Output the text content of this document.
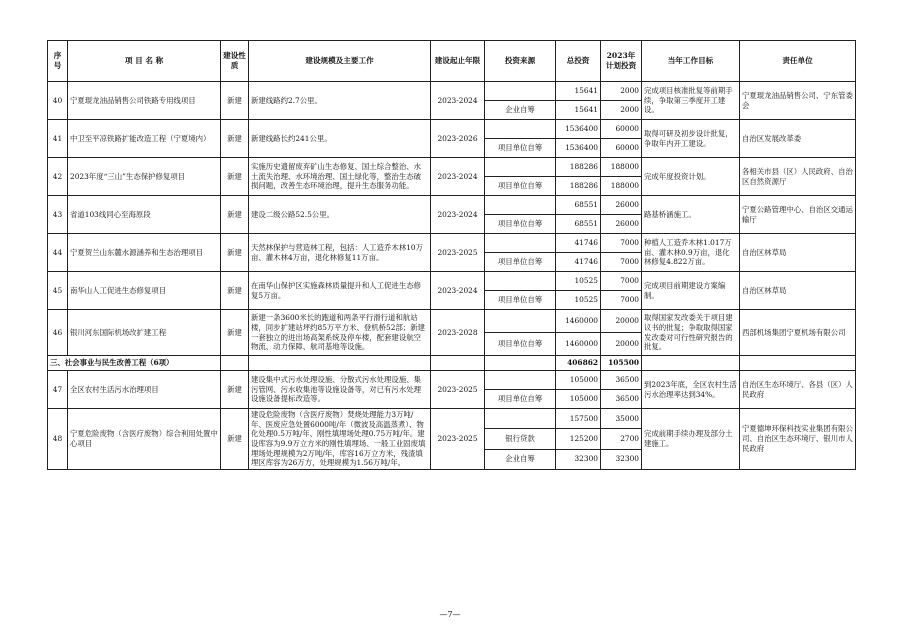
序号	项 目 名 称	建设性质	建设规模及主要工作	建设起止年限	投资来源	总投资	2023年计划投资	当年工作目标	责任单位
40	宁夏琨龙油品销售公司铁路专用线项目	新建	新建线路约2.7公里。	2023-2024		15641	2000	完成项目核准批复等前期手续，争取第三季度开工建设。	宁夏琨龙油品销售公司、宁东管委会
					企业自筹	15641	2000		
41	中卫至平凉铁路扩能改造工程（宁夏境内）	新建	新建线路长约241公里。	2023-2026		1536400	60000	取得可研及初步设计批复，争取年内开工建设。	自治区发展改革委
					项目单位自筹	1536400	60000		
42	2023年度“三山”生态保护修复项目	新建	实施历史遗留废弃矿山生态修复、国土综合整治、水土流失治理、水环境治理、国土绿化等，整治生态破损问题，改善生态环境治理，提升生态服务功能。	2023-2024		188286	188000	完成年度投资计划。	各相关市县（区）人民政府、自治区自然资源厅
					项目单位自筹	188286	188000		
43	省道103线同心至海原段	新建	建设二级公路52.5公里。	2023-2024		68551	26000	路基桥涵施工。	宁夏公路管理中心、自治区交通运输厅
					项目单位自筹	68551	26000		
44	宁夏贺兰山东麓水源涵养和生态治理项目	新建	天然林保护与营造林工程，包括：人工造乔木林10万亩、灌木林4万亩，退化林修复11万亩。	2023-2025		41746	7000	种植人工造乔木林1.017万亩、灌木林0.9万亩，退化林修复4.822万亩。	自治区林草局
					项目单位自筹	41746	7000		
45	南华山人工促进生态修复项目	新建	在南华山保护区实施森林质量提升和人工促进生态修复5万亩。	2023-2024		10525	7000	完成项目前期建设方案编制。	自治区林草局
					项目单位自筹	10525	7000		
46	银川河东国际机场改扩建工程	新建	新建一条3600米长的跑道和两条平行滑行道和航站楼，同步扩建站坪约85万平方米、登机桥52部；新建一套独立的进出场高架系统及停车楼，配套建设航空物流、动力保障、航司基地等设施。	2023-2028		1460000	20000	取得国家发改委关于项目建议书的批复；争取取得国家发改委对可行性研究报告的批复。	西部机场集团宁夏机场有限公司
					项目单位自筹	1460000	20000		
三、社会事业与民生改善工程（6项）						406862	105500		
47	全区农村生活污水治理项目	新建	建设集中式污水处理设施、分散式污水处理设施、集污管网、污水收集池等设施设备等，对已有污水处理设施设备提标改造等。	2023-2025		105000	36500	到2023年底，全区农村生活污水治理率达到34%。	自治区生态环境厅、各县（区）人民政府
					项目单位自筹	105000	36500		
48	宁夏危险废物（含医疗废物）综合利用处置中心项目	新建	建设危险废物（含医疗废物）焚烧处理能力3万吨/年、医废应急处置6000吨/年（微波及高温蒸煮）、物化处理0.5万吨/年、刚性填埋场处理0.75万吨/年。建设库容为9.9万立方米的刚性填埋场、一般工业固废填埋场处理规模为2万吨/年，库容16万立方米，残渣填埋区库容为26万方，处理规模为1.56万吨/年。	2023-2025		157500	35000	完成前期手续办理及部分土建施工。	宁夏德坤环保科技实业集团有限公司、自治区生态环境厅、银川市人民政府
					银行贷款	125200	2700		
					企业自筹	32300	32300		
—7—
